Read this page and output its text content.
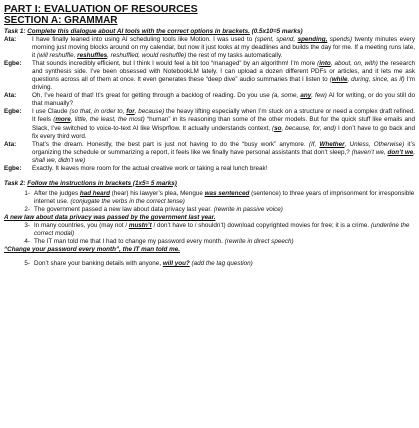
PART I: EVALUATION OF RESOURCES
SECTION A: GRAMMAR
Task 1: Complete this dialogue about AI tools with the correct options in brackets. (0.5x10=5 marks)
Ata:	I have finally leaned into using AI scheduling tools like Motion. I was used to (spent, spend, spending, spends) twenty minutes every morning just moving blocks around on my calendar, but now it just looks at my deadlines and builds the day for me. If a meeting runs late, it (will reshuffle, reshuffles, reshuffled, would reshuffle) the rest of my tasks automatically.
Egbe:	That sounds incredibly efficient, but I think I would feel a bit too “managed” by an algorithm! I’m more (into, about, on, with) the research and synthesis side. I’ve been obsessed with NotebookLM lately. I can upload a dozen different PDFs or articles, and it lets me ask questions across all of them at once. It even generates these “deep dive” audio summaries that I listen to (while, during, since, as if) I’m driving.
Ata:	Oh, I’ve heard of that! It’s great for getting through a backlog of reading. Do you use (a, some, any, few) AI for writing, or do you still do that manually?
Egbe:	I use Claude (so that, in order to, for, because) the heavy lifting especially when I’m stuck on a structure or need a complex draft refined. It feels (more, little, the least, the most) “human” in its reasoning than some of the other models. But for the quick stuff like emails and Slack, I’ve switched to voice-to-text AI like Wisprflow. It actually understands context, (so, because, for, and) I don’t have to go back and fix every third word.
Ata:	That’s the dream. Honestly, the best part is just not having to do the “busy work” anymore. (If, Whether, Unless, Otherwise) it’s organizing the schedule or summarizing a report, it feels like we finally have personal assistants that don’t sleep,? (haven’t we, don’t we, shall we, didn’t we)
Egbe:	Exactly. It leaves more room for the actual creative work or taking a real lunch break!
Task 2: Follow the instructions in brackets (1x5= 5 marks)
1- After the judges had heard (hear) his lawyer’s plea, Mengue was sentenced (sentence) to three years of imprisonment for irresponsible internet use. (conjugate the verbs in the correct tense)
2- The government passed a new law about data privacy last year. (rewrite in passive voice)
A new law about data privacy was passed by the government last year.
3- In many countries, you (may not / mustn’t / don’t have to / shouldn’t) download copyrighted movies for free; it is a crime. (underline the correct modal)
4- The IT man told me that I had to change my password every month. (rewrite in direct speech)
“Change your password every month”, the IT man told me.
5- Don’t share your banking details with anyone, will you? (add the tag question)
